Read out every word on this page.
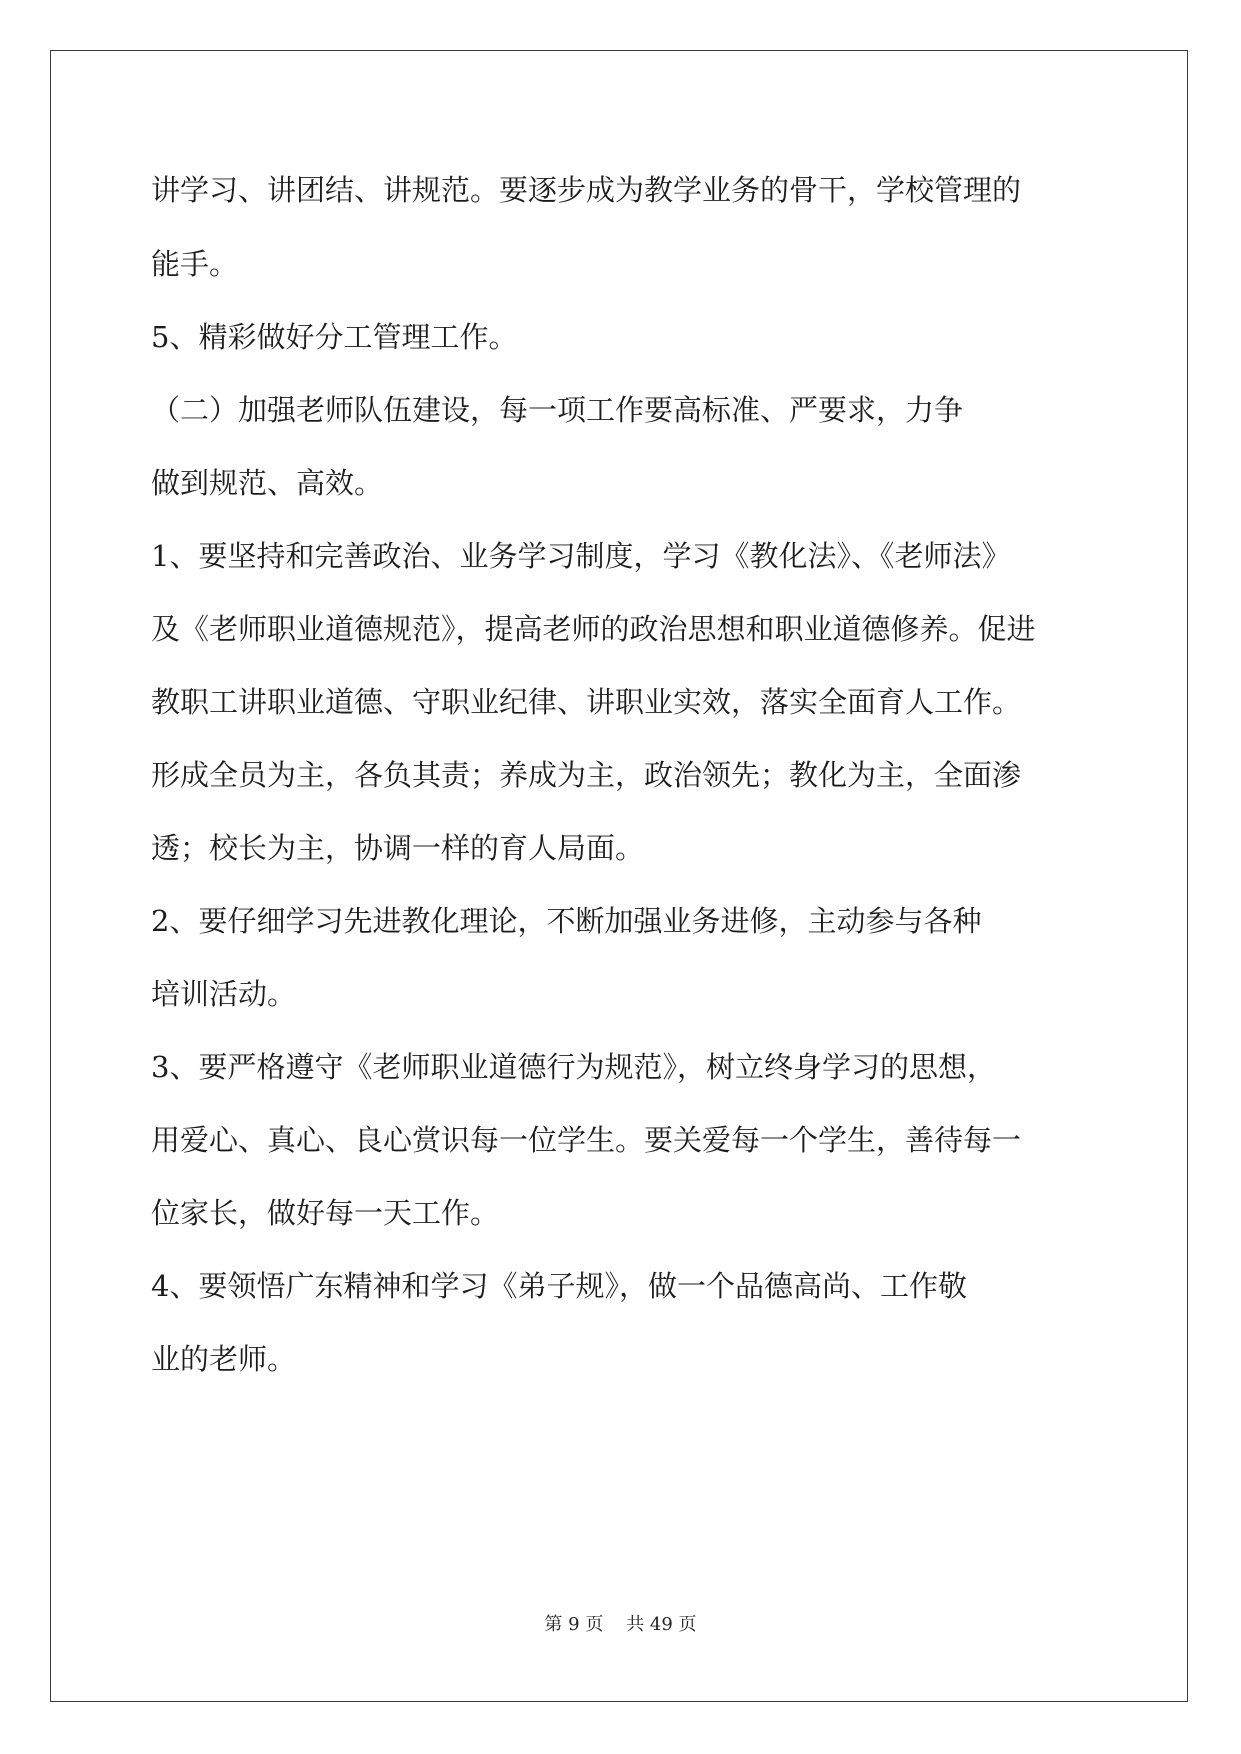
讲学习、讲团结、讲规范。要逐步成为教学业务的骨干，学校管理的
能手。
5、精彩做好分工管理工作。
（二）加强老师队伍建设，每一项工作要高标准、严要求，力争
做到规范、高效。
1、要坚持和完善政治、业务学习制度，学习《教化法》、《老师法》
及《老师职业道德规范》，提高老师的政治思想和职业道德修养。促进
教职工讲职业道德、守职业纪律、讲职业实效，落实全面育人工作。
形成全员为主，各负其责；养成为主，政治领先；教化为主，全面渗
透；校长为主，协调一样的育人局面。
2、要仔细学习先进教化理论，不断加强业务进修，主动参与各种
培训活动。
3、要严格遵守《老师职业道德行为规范》，树立终身学习的思想，
用爱心、真心、良心赏识每一位学生。要关爱每一个学生，善待每一
位家长，做好每一天工作。
4、要领悟广东精神和学习《弟子规》，做一个品德高尚、工作敬
业的老师。
第 9 页    共 49 页
